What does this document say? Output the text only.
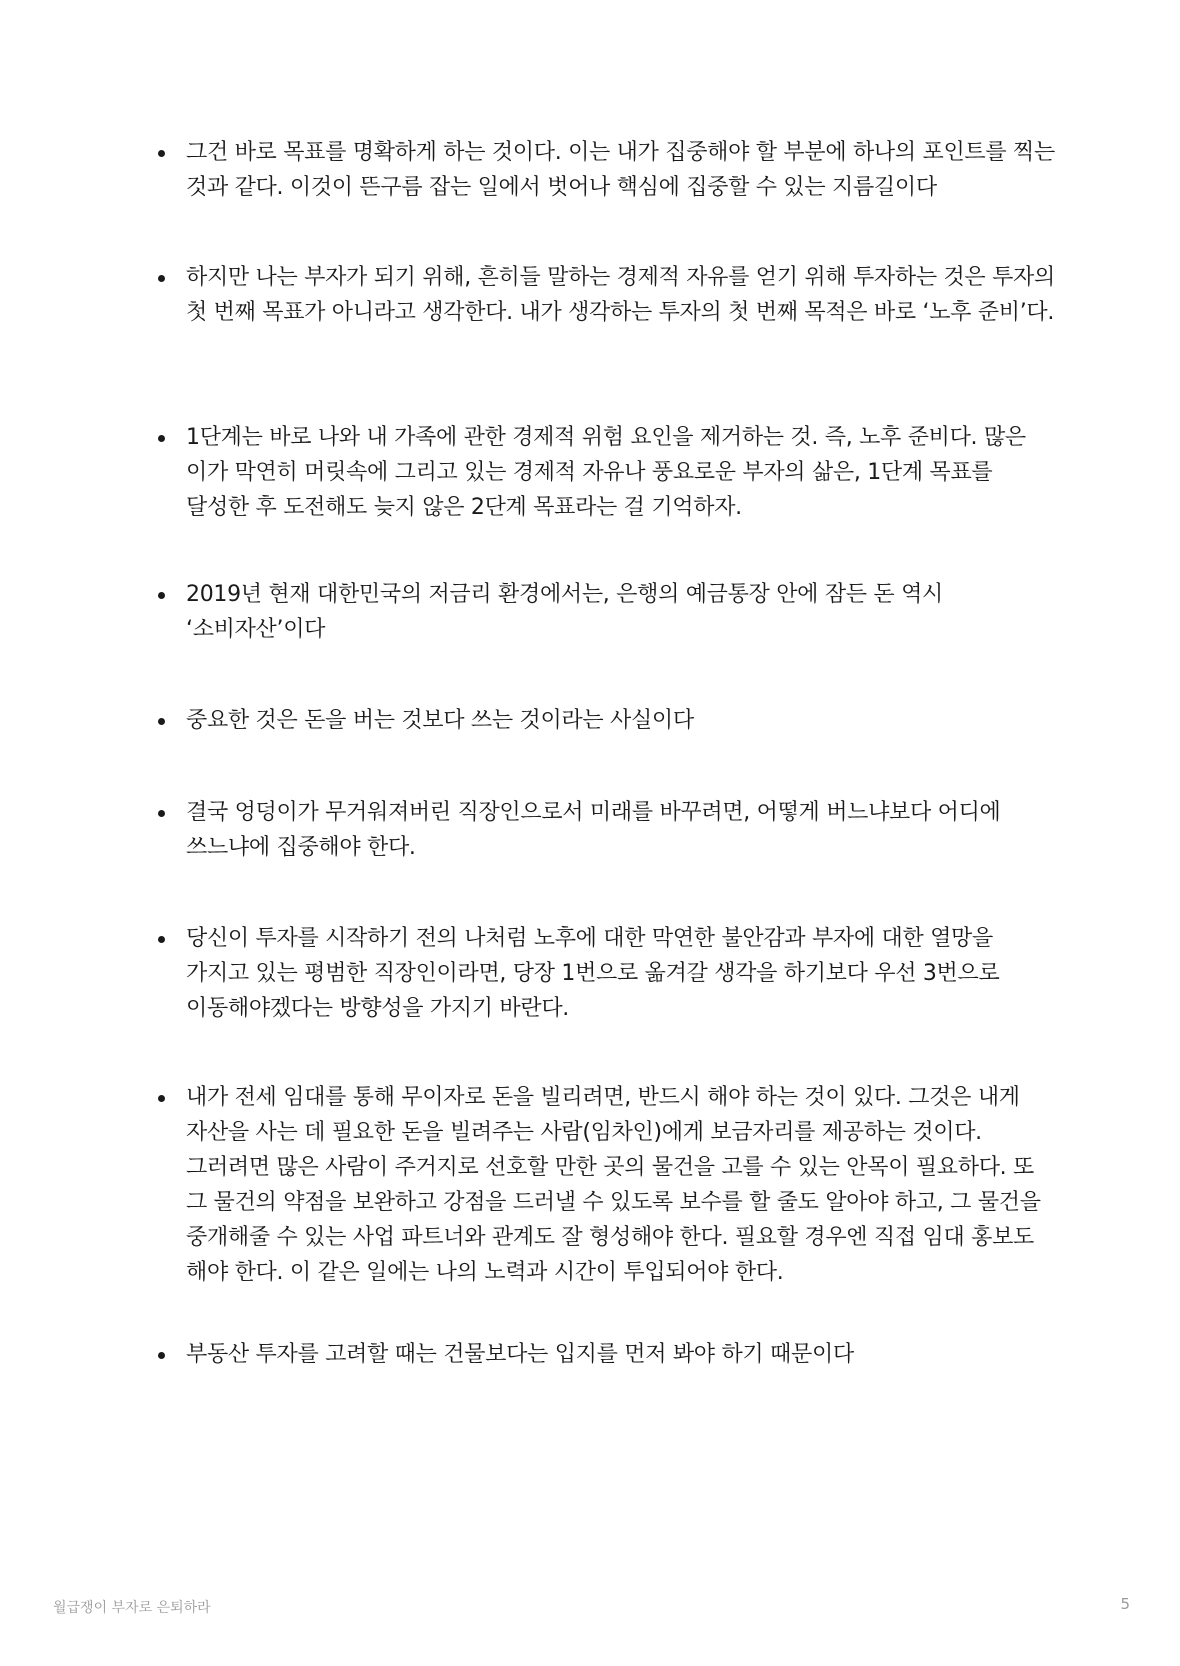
그건 바로 목표를 명확하게 하는 것이다. 이는 내가 집중해야 할 부분에 하나의 포인트를 찍는 것과 같다. 이것이 뜬구름 잡는 일에서 벗어나 핵심에 집중할 수 있는 지름길이다

하지만 나는 부자가 되기 위해, 흔히들 말하는 경제적 자유를 얻기 위해 투자하는 것은 투자의 첫 번째 목표가 아니라고 생각한다. 내가 생각하는 투자의 첫 번째 목적은 바로 ‘노후 준비’다.

1단계는 바로 나와 내 가족에 관한 경제적 위험 요인을 제거하는 것. 즉, 노후 준비다. 많은 이가 막연히 머릿속에 그리고 있는 경제적 자유나 풍요로운 부자의 삶은, 1단계 목표를 달성한 후 도전해도 늦지 않은 2단계 목표라는 걸 기억하자.

2019년 현재 대한민국의 저금리 환경에서는, 은행의 예금통장 안에 잠든 돈 역시 ‘소비자산’이다

중요한 것은 돈을 버는 것보다 쓰는 것이라는 사실이다

결국 엉덩이가 무거워져버린 직장인으로서 미래를 바꾸려면, 어떻게 버느냐보다 어디에 쓰느냐에 집중해야 한다.

당신이 투자를 시작하기 전의 나처럼 노후에 대한 막연한 불안감과 부자에 대한 열망을 가지고 있는 평범한 직장인이라면, 당장 1번으로 옮겨갈 생각을 하기보다 우선 3번으로 이동해야겠다는 방향성을 가지기 바란다.

내가 전세 임대를 통해 무이자로 돈을 빌리려면, 반드시 해야 하는 것이 있다. 그것은 내게 자산을 사는 데 필요한 돈을 빌려주는 사람(임차인)에게 보금자리를 제공하는 것이다. 그러려면 많은 사람이 주거지로 선호할 만한 곳의 물건을 고를 수 있는 안목이 필요하다. 또 그 물건의 약점을 보완하고 강점을 드러낼 수 있도록 보수를 할 줄도 알아야 하고, 그 물건을 중개해줄 수 있는 사업 파트너와 관계도 잘 형성해야 한다. 필요할 경우엔 직접 임대 홍보도 해야 한다. 이 같은 일에는 나의 노력과 시간이 투입되어야 한다.

부동산 투자를 고려할 때는 건물보다는 입지를 먼저 봐야 하기 때문이다

월급쟁이 부자로 은퇴하라	5
